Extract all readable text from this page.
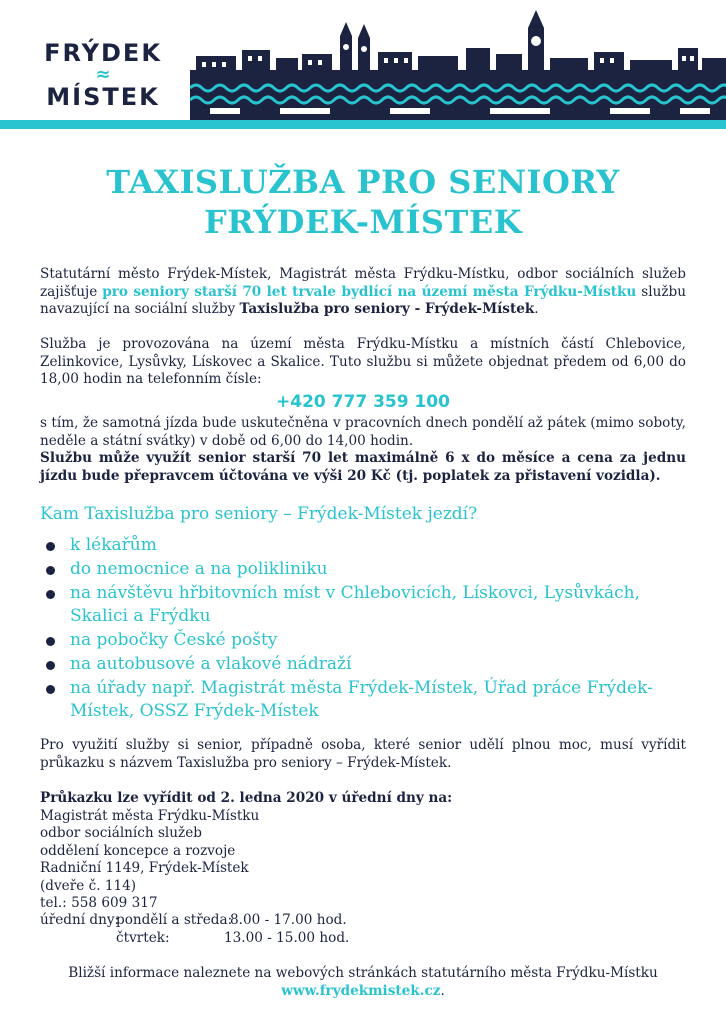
FRÝDEK
≈
MÍSTEK
TAXISLUŽBA PRO SENIORY
FRÝDEK-MÍSTEK

Statutární město Frýdek-Místek, Magistrát města Frýdku-Místku, odbor sociálních služeb zajišťuje pro seniory starší 70 let trvale bydlící na území města Frýdku-Místku službu navazující na sociální služby Taxislužba pro seniory - Frýdek-Místek.

Služba je provozována na území města Frýdku-Místku a místních částí Chlebovice, Zelinkovice, Lysůvky, Lískovec a Skalice. Tuto službu si můžete objednat předem od 6,00 do 18,00 hodin na telefonním čísle:

+420 777 359 100

s tím, že samotná jízda bude uskutečněna v pracovních dnech pondělí až pátek (mimo soboty, neděle a státní svátky) v době od 6,00 do 14,00 hodin.
Službu může využít senior starší 70 let maximálně 6 x do měsíce a cena za jednu jízdu bude přepravcem účtována ve výši 20 Kč (tj. poplatek za přistavení vozidla).

Kam Taxislužba pro seniory – Frýdek-Místek jezdí?

k lékařům
do nemocnice a na polikliniku
na návštěvu hřbitovních míst v Chlebovicích, Lískovci, Lysůvkách, Skalici a Frýdku
na pobočky České pošty
na autobusové a vlakové nádraží
na úřady např. Magistrát města Frýdek-Místek, Úřad práce Frýdek-Místek, OSSZ Frýdek-Místek

Pro využití služby si senior, případně osoba, které senior udělí plnou moc, musí vyřídit průkazku s názvem Taxislužba pro seniory – Frýdek-Místek.

Průkazku lze vyřídit od 2. ledna 2020 v úřední dny na:
Magistrát města Frýdku-Místku
odbor sociálních služeb
oddělení koncepce a rozvoje
Radniční 1149, Frýdek-Místek
(dveře č. 114)
tel.: 558 609 317
úřední dny:
pondělí a středa:
8.00 - 17.00 hod.
čtvrtek:	13.00 - 15.00 hod.
Bližší informace naleznete na webových stránkách statutárního města Frýdku-Místku
www.frydekmistek.cz.
